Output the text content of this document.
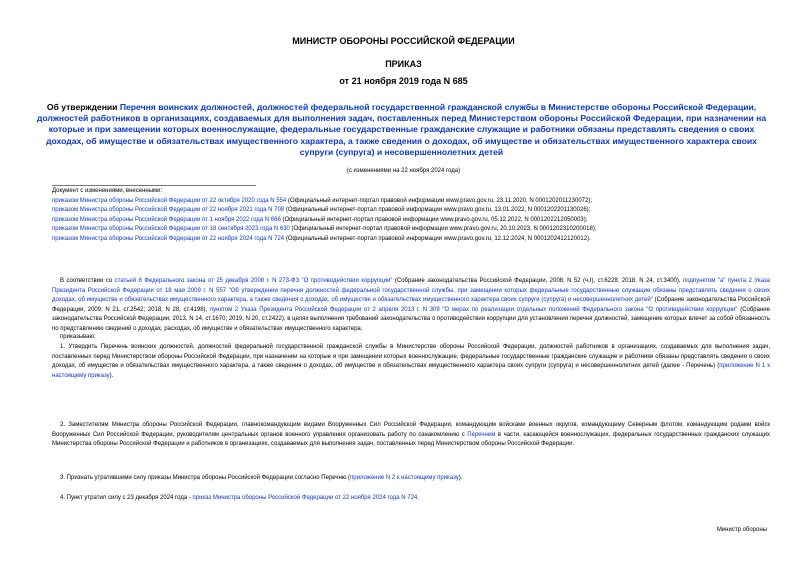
МИНИСТР ОБОРОНЫ РОССИЙСКОЙ ФЕДЕРАЦИИ
ПРИКАЗ
от 21 ноября 2019 года N 685
Об утверждении Перечня воинских должностей, должностей федеральной государственной гражданской службы в Министерстве обороны Российской Федерации, должностей работников в организациях, создаваемых для выполнения задач, поставленных перед Министерством обороны Российской Федерации, при назначении на которые и при замещении которых военнослужащие, федеральные государственные гражданские служащие и работники обязаны представлять сведения о своих доходах, об имуществе и обязательствах имущественного характера, а также сведения о доходах, об имуществе и обязательствах имущественного характера своих супруги (супруга) и несовершеннолетних детей
(с изменениями на 22 ноября 2024 года)
Документ с изменениями, внесенными:
приказом Министра обороны Российской Федерации от 22 октября 2020 года N 554 (Официальный интернет-портал правовой информации www.pravo.gov.ru, 23.11.2020, N 0001202011230072);
приказом Министра обороны Российской Федерации от 22 ноября 2021 года N 708 (Официальный интернет-портал правовой информации www.pravo.gov.ru, 13.01.2022, N 0001202201130026);
приказом Министра обороны Российской Федерации от 1 ноября 2022 года N 666 (Официальный интернет-портал правовой информации www.pravo.gov.ru, 05.12.2022, N 0001202212050003);
приказом Министра обороны Российской Федерации от 18 сентября 2023 года N 630 (Официальный интернет-портал правовой информации www.pravo.gov.ru, 20.10.2023, N 0001202310200018);
приказом Министра обороны Российской Федерации от 22 ноября 2024 года N 724 (Официальный интернет-портал правовой информации www.pravo.gov.ru, 12.12.2024, N 0001202412120012).
В соответствии со статьей 8 Федерального закона от 25 декабря 2008 г. N 273-ФЗ "О противодействии коррупции" (Собрание законодательства Российской Федерации, 2008, N 52 (ч.I), ст.6228; 2018, N 24, ст.3400), подпунктом "а" пункта 2 Указа Президента Российской Федерации от 18 мая 2009 г. N 557 "Об утверждении перечня должностей федеральной государственной службы, при замещении которых федеральные государственные служащие обязаны представлять сведения о своих доходах, об имуществе и обязательствах имущественного характера, а также сведения о доходах, об имуществе и обязательствах имущественного характера своих супруги (супруга) и несовершеннолетних детей" (Собрание законодательства Российской Федерации, 2009, N 21, ст.2542; 2018, N 28, ст.4198), пунктом 2 Указа Президента Российской Федерации от 2 апреля 2013 г. N 309 "О мерах по реализации отдельных положений Федерального закона "О противодействии коррупции" (Собрание законодательства Российской Федерации, 2013, N 14, ст.1670; 2019, N 20, ст.2422), в целях выполнения требований законодательства о противодействии коррупции для установления перечня должностей, замещение которых влечет за собой обязанность по представлению сведений о доходах, расходах, об имуществе и обязательствах имущественного характера,
приказываю:
1. Утвердить Перечень воинских должностей, должностей федеральной государственной гражданской службы в Министерстве обороны Российской Федерации, должностей работников в организациях, создаваемых для выполнения задач, поставленных перед Министерством обороны Российской Федерации, при назначении на которые и при замещении которых военнослужащие, федеральные государственные гражданские служащие и работники обязаны представлять сведения о своих доходах, об имуществе и обязательствах имущественного характера, а также сведения о доходах, об имуществе и обязательствах имущественного характера своих супруги (супруга) и несовершеннолетних детей (далее - Перечень) (приложение N 1 к настоящему приказу).
2. Заместителям Министра обороны Российской Федерации, главнокомандующим видами Вооруженных Сил Российской Федерации, командующим войсками военных округов, командующему Северным флотом, командующим родами войск Вооруженных Сил Российской Федерации, руководителям центральных органов военного управления организовать работу по ознакомлению с Перечнем в части, касающейся военнослужащих, федеральных государственных гражданских служащих Министерства обороны Российской Федерации и работников в организациях, создаваемых для выполнения задач, поставленных перед Министерством обороны Российской Федерации.
3. Признать утратившими силу приказы Министра обороны Российской Федерации согласно Перечню (приложение N 2 к настоящему приказу).
4. Пункт утратил силу с 23 декабря 2024 года - приказ Министра обороны Российской Федерации от 22 ноября 2024 года N 724.
Министр обороны
